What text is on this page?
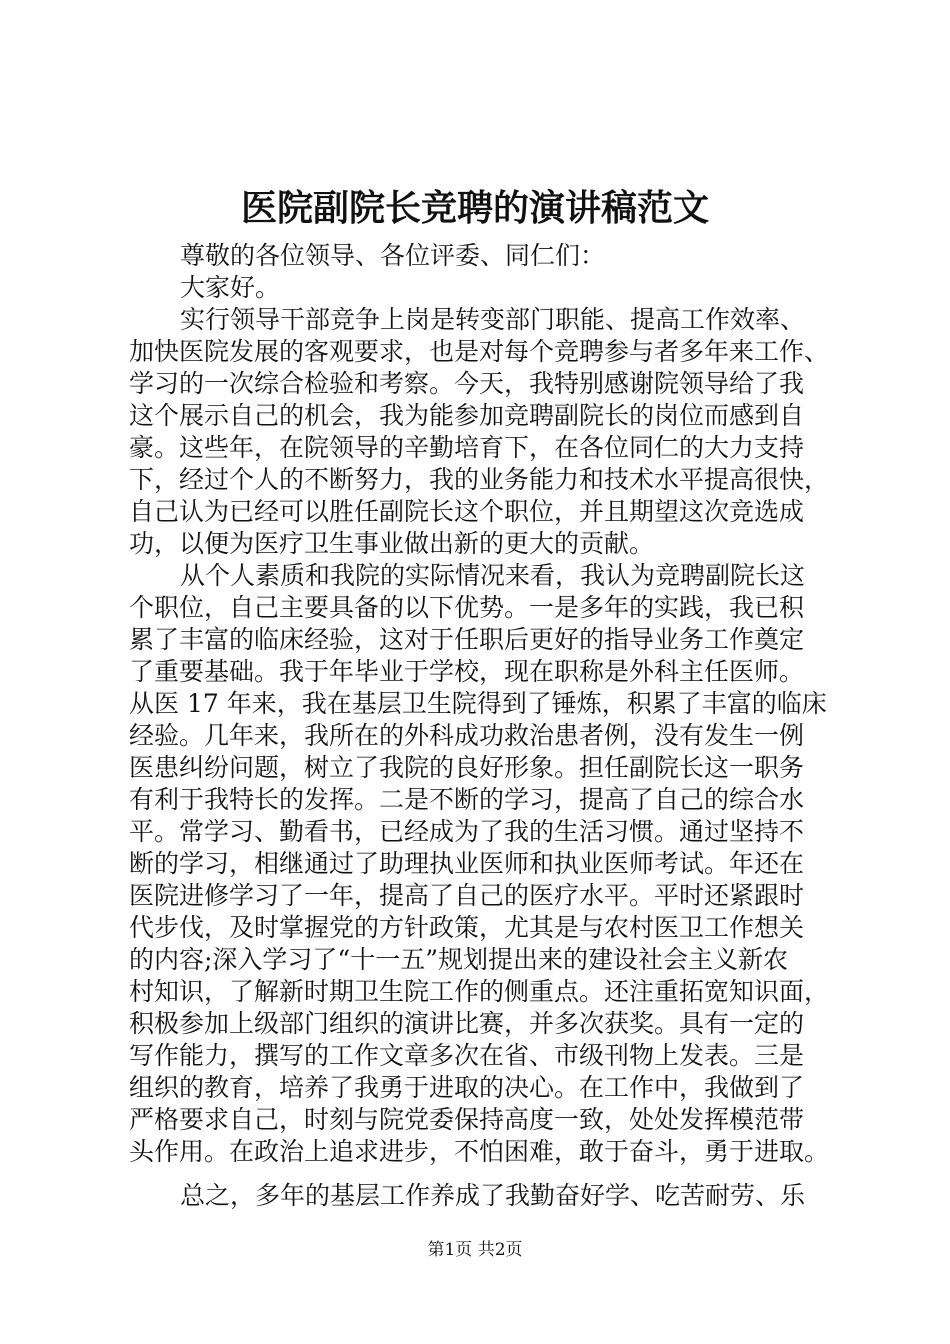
医院副院长竞聘的演讲稿范文
尊敬的各位领导、各位评委、同仁们：
大家好。
实行领导干部竞争上岗是转变部门职能、提高工作效率、
加快医院发展的客观要求，也是对每个竞聘参与者多年来工作、
学习的一次综合检验和考察。今天，我特别感谢院领导给了我
这个展示自己的机会，我为能参加竞聘副院长的岗位而感到自
豪。这些年，在院领导的辛勤培育下，在各位同仁的大力支持
下，经过个人的不断努力，我的业务能力和技术水平提高很快，
自己认为已经可以胜任副院长这个职位，并且期望这次竞选成
功，以便为医疗卫生事业做出新的更大的贡献。
从个人素质和我院的实际情况来看，我认为竞聘副院长这
个职位，自己主要具备的以下优势。一是多年的实践，我已积
累了丰富的临床经验，这对于任职后更好的指导业务工作奠定
了重要基础。我于年毕业于学校，现在职称是外科主任医师。
从医 17 年来，我在基层卫生院得到了锤炼，积累了丰富的临床
经验。几年来，我所在的外科成功救治患者例，没有发生一例
医患纠纷问题，树立了我院的良好形象。担任副院长这一职务
有利于我特长的发挥。二是不断的学习，提高了自己的综合水
平。常学习、勤看书，已经成为了我的生活习惯。通过坚持不
断的学习，相继通过了助理执业医师和执业医师考试。年还在
医院进修学习了一年，提高了自己的医疗水平。平时还紧跟时
代步伐，及时掌握党的方针政策，尤其是与农村医卫工作想关
的内容;深入学习了“十一五”规划提出来的建设社会主义新农
村知识，了解新时期卫生院工作的侧重点。还注重拓宽知识面，
积极参加上级部门组织的演讲比赛，并多次获奖。具有一定的
写作能力，撰写的工作文章多次在省、市级刊物上发表。三是
组织的教育，培养了我勇于进取的决心。在工作中，我做到了
严格要求自己，时刻与院党委保持高度一致，处处发挥模范带
头作用。在政治上追求进步，不怕困难，敢于奋斗，勇于进取。
总之，多年的基层工作养成了我勤奋好学、吃苦耐劳、乐
第1页 共2页
